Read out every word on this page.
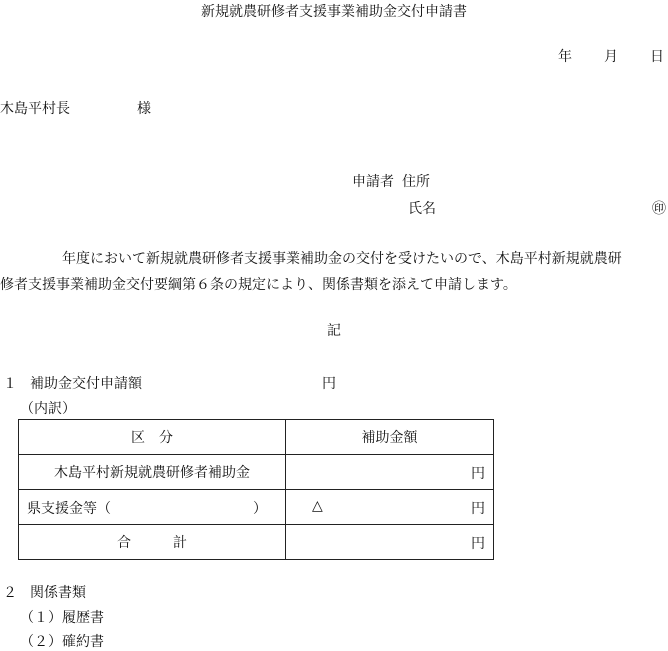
新規就農研修者支援事業補助金交付申請書
年 月 日
木島平村長	様
申請者 住所
氏名	㊞
年度において新規就農研修者支援事業補助金の交付を受けたいので、木島平村新規就農研
修者支援事業補助金交付要綱第６条の規定により、関係書類を添えて申請します。
記
１ 補助金交付申請額	円
（内訳）
区　分	補助金額
木島平村新規就農研修者補助金	円

県支援金等（ ）	△ 円

合　　　計	円
２ 関係書類
（１）履歴書
（２）確約書
